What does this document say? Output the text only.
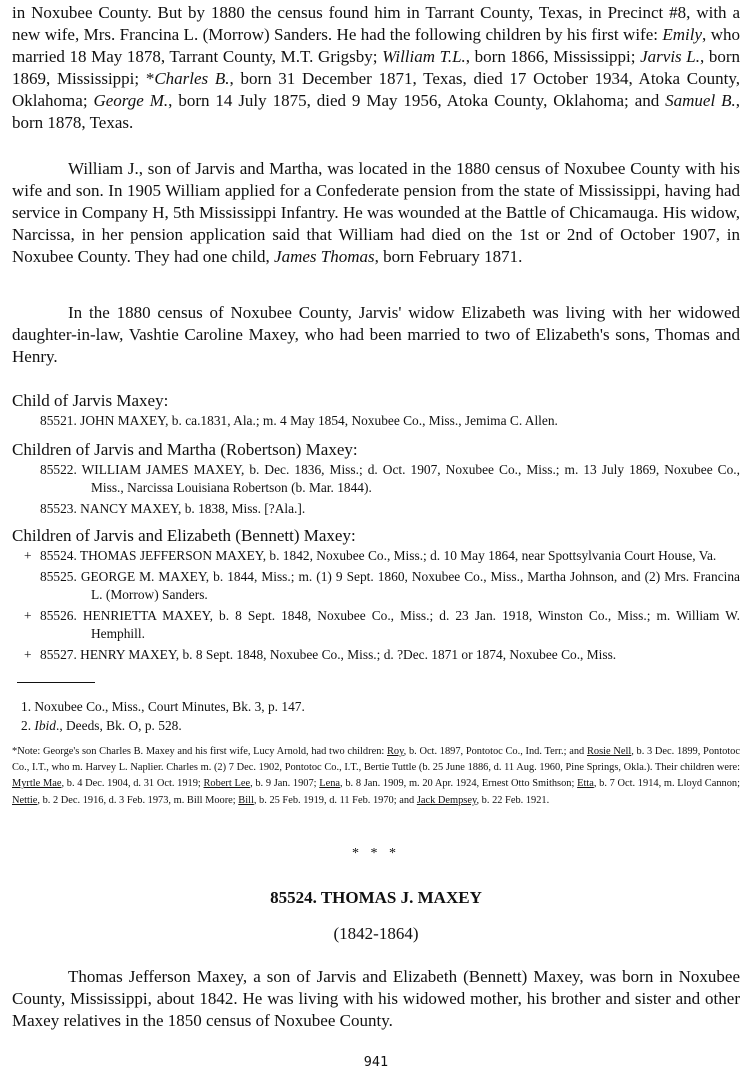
in Noxubee County. But by 1880 the census found him in Tarrant County, Texas, in Precinct #8, with a new wife, Mrs. Francina L. (Morrow) Sanders. He had the following children by his first wife: Emily, who married 18 May 1878, Tarrant County, M.T. Grigsby; William T.L., born 1866, Mississippi; Jarvis L., born 1869, Mississippi; *Charles B., born 31 December 1871, Texas, died 17 October 1934, Atoka County, Oklahoma; George M., born 14 July 1875, died 9 May 1956, Atoka County, Oklahoma; and Samuel B., born 1878, Texas.

William J., son of Jarvis and Martha, was located in the 1880 census of Noxubee County with his wife and son. In 1905 William applied for a Confederate pension from the state of Mississippi, having had service in Company H, 5th Mississippi Infantry. He was wounded at the Battle of Chicamauga. His widow, Narcissa, in her pension application said that William had died on the 1st or 2nd of October 1907, in Noxubee County. They had one child, James Thomas, born February 1871.

In the 1880 census of Noxubee County, Jarvis' widow Elizabeth was living with her widowed daughter-in-law, Vashtie Caroline Maxey, who had been married to two of Elizabeth's sons, Thomas and Henry.

Child of Jarvis Maxey:
85521. JOHN MAXEY, b. ca.1831, Ala.; m. 4 May 1854, Noxubee Co., Miss., Jemima C. Allen.
Children of Jarvis and Martha (Robertson) Maxey:
85522. WILLIAM JAMES MAXEY, b. Dec. 1836, Miss.; d. Oct. 1907, Noxubee Co., Miss.; m. 13 July 1869, Noxubee Co., Miss., Narcissa Louisiana Robertson (b. Mar. 1844).
85523. NANCY MAXEY, b. 1838, Miss. [?Ala.].
Children of Jarvis and Elizabeth (Bennett) Maxey:
+ 85524. THOMAS JEFFERSON MAXEY, b. 1842, Noxubee Co., Miss.; d. 10 May 1864, near Spottsylvania Court House, Va.
85525. GEORGE M. MAXEY, b. 1844, Miss.; m. (1) 9 Sept. 1860, Noxubee Co., Miss., Martha Johnson, and (2) Mrs. Francina L. (Morrow) Sanders.
+ 85526. HENRIETTA MAXEY, b. 8 Sept. 1848, Noxubee Co., Miss.; d. 23 Jan. 1918, Winston Co., Miss.; m. William W. Hemphill.
+ 85527. HENRY MAXEY, b. 8 Sept. 1848, Noxubee Co., Miss.; d. ?Dec. 1871 or 1874, Noxubee Co., Miss.
1. Noxubee Co., Miss., Court Minutes, Bk. 3, p. 147.
2. Ibid., Deeds, Bk. O, p. 528.

*Note: George's son Charles B. Maxey and his first wife, Lucy Arnold, had two children: Roy, b. Oct. 1897, Pontotoc Co., Ind. Terr.; and Rosie Nell, b. 3 Dec. 1899, Pontotoc Co., I.T., who m. Harvey L. Naplier. Charles m. (2) 7 Dec. 1902, Pontotoc Co., I.T., Bertie Tuttle (b. 25 June 1886, d. 11 Aug. 1960, Pine Springs, Okla.). Their children were: Myrtle Mae, b. 4 Dec. 1904, d. 31 Oct. 1919; Robert Lee, b. 9 Jan. 1907; Lena, b. 8 Jan. 1909, m. 20 Apr. 1924, Ernest Otto Smithson; Etta, b. 7 Oct. 1914, m. Lloyd Cannon; Nettie, b. 2 Dec. 1916, d. 3 Feb. 1973, m. Bill Moore; Bill, b. 25 Feb. 1919, d. 11 Feb. 1970; and Jack Dempsey, b. 22 Feb. 1921.

* * *
85524. THOMAS J. MAXEY
(1842-1864)

Thomas Jefferson Maxey, a son of Jarvis and Elizabeth (Bennett) Maxey, was born in Noxubee County, Mississippi, about 1842. He was living with his widowed mother, his brother and sister and other Maxey relatives in the 1850 census of Noxubee County.

941
